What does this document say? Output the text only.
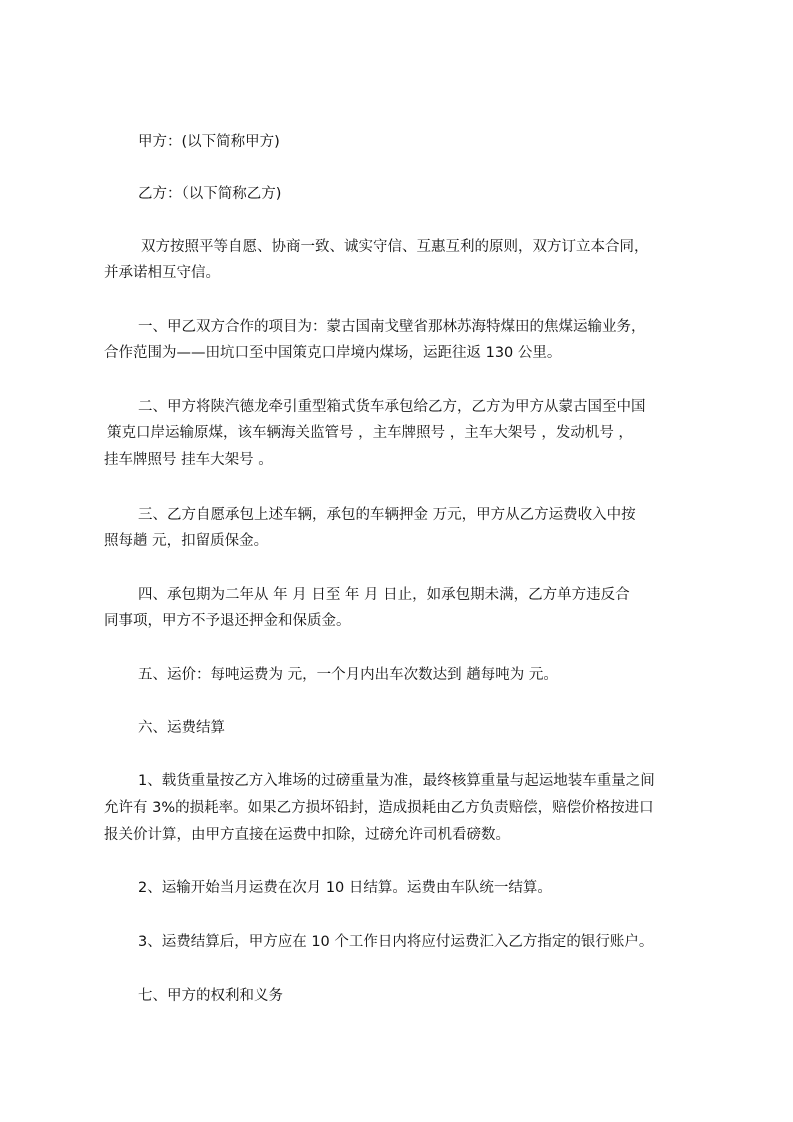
甲方：(以下简称甲方)
乙方：（以下简称乙方)
双方按照平等自愿、协商一致、诚实守信、互惠互利的原则，双方订立本合同，
并承诺相互守信。
一、甲乙双方合作的项目为：蒙古国南戈壁省那林苏海特煤田的焦煤运输业务，
合作范围为——田坑口至中国策克口岸境内煤场，运距往返 130 公里。
二、甲方将陕汽德龙牵引重型箱式货车承包给乙方，乙方为甲方从蒙古国至中国
策克口岸运输原煤，该车辆海关监管号 ，主车牌照号 ，主车大架号 ，发动机号 ，
挂车牌照号 挂车大架号 。
三、乙方自愿承包上述车辆，承包的车辆押金 万元，甲方从乙方运费收入中按
照每趟 元，扣留质保金。
四、承包期为二年从 年 月 日至 年 月 日止，如承包期未满，乙方单方违反合
同事项，甲方不予退还押金和保质金。
五、运价：每吨运费为 元，一个月内出车次数达到 趟每吨为 元。
六、运费结算
1、载货重量按乙方入堆场的过磅重量为准，最终核算重量与起运地装车重量之间
允许有 3%的损耗率。如果乙方损坏铅封，造成损耗由乙方负责赔偿，赔偿价格按进口
报关价计算，由甲方直接在运费中扣除，过磅允许司机看磅数。
2、运输开始当月运费在次月 10 日结算。运费由车队统一结算。
3、运费结算后，甲方应在 10 个工作日内将应付运费汇入乙方指定的银行账户。
七、甲方的权利和义务
